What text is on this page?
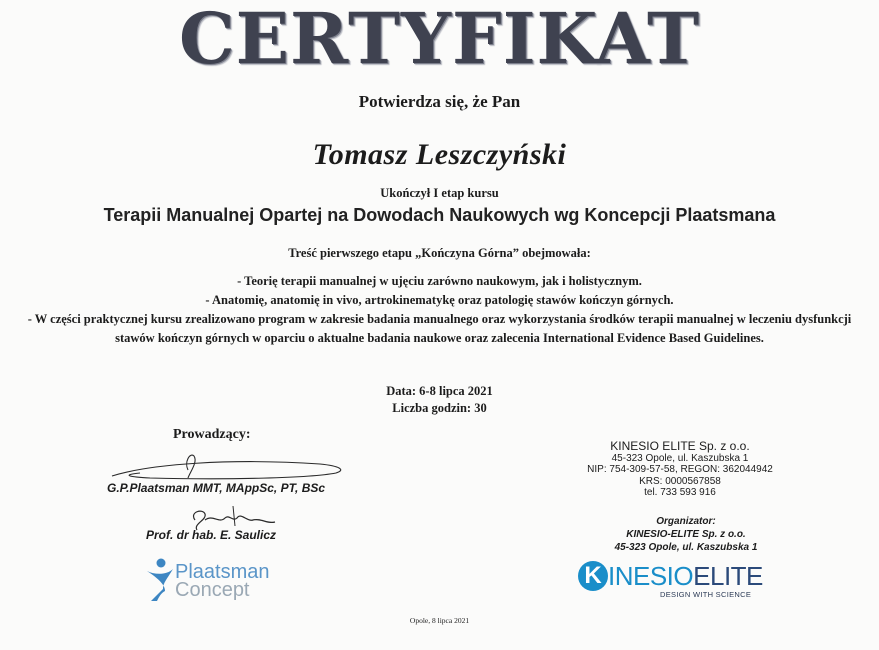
CERTYFIKAT
Potwierdza się, że Pan
Tomasz Leszczyński
Ukończył I etap kursu
Terapii Manualnej Opartej na Dowodach Naukowych wg Koncepcji Plaatsmana
Treść pierwszego etapu „Kończyna Górna” obejmowała:
- Teorię terapii manualnej w ujęciu zarówno naukowym, jak i holistycznym.
- Anatomię, anatomię in vivo, artrokinematykę oraz patologię stawów kończyn górnych.
- W części praktycznej kursu zrealizowano program w zakresie badania manualnego oraz wykorzystania środków terapii manualnej w leczeniu dysfunkcji stawów kończyn górnych w oparciu o aktualne badania naukowe oraz zalecenia International Evidence Based Guidelines.
Data: 6-8 lipca 2021
Liczba godzin: 30
Prowadzący:
G.P.Plaatsman MMT, MAppSc, PT, BSc
Prof. dr hab. E. Saulicz
Plaatsman
Concept
KINESIO ELITE Sp. z o.o.
45-323 Opole, ul. Kaszubska 1
NIP: 754-309-57-58, REGON: 362044942
KRS: 0000567858
tel. 733 593 916
Organizator:
KINESIO-ELITE Sp. z o.o.
45-323 Opole, ul. Kaszubska 1
K INESIOELITE
DESIGN WITH SCIENCE
Opole, 8 lipca 2021
